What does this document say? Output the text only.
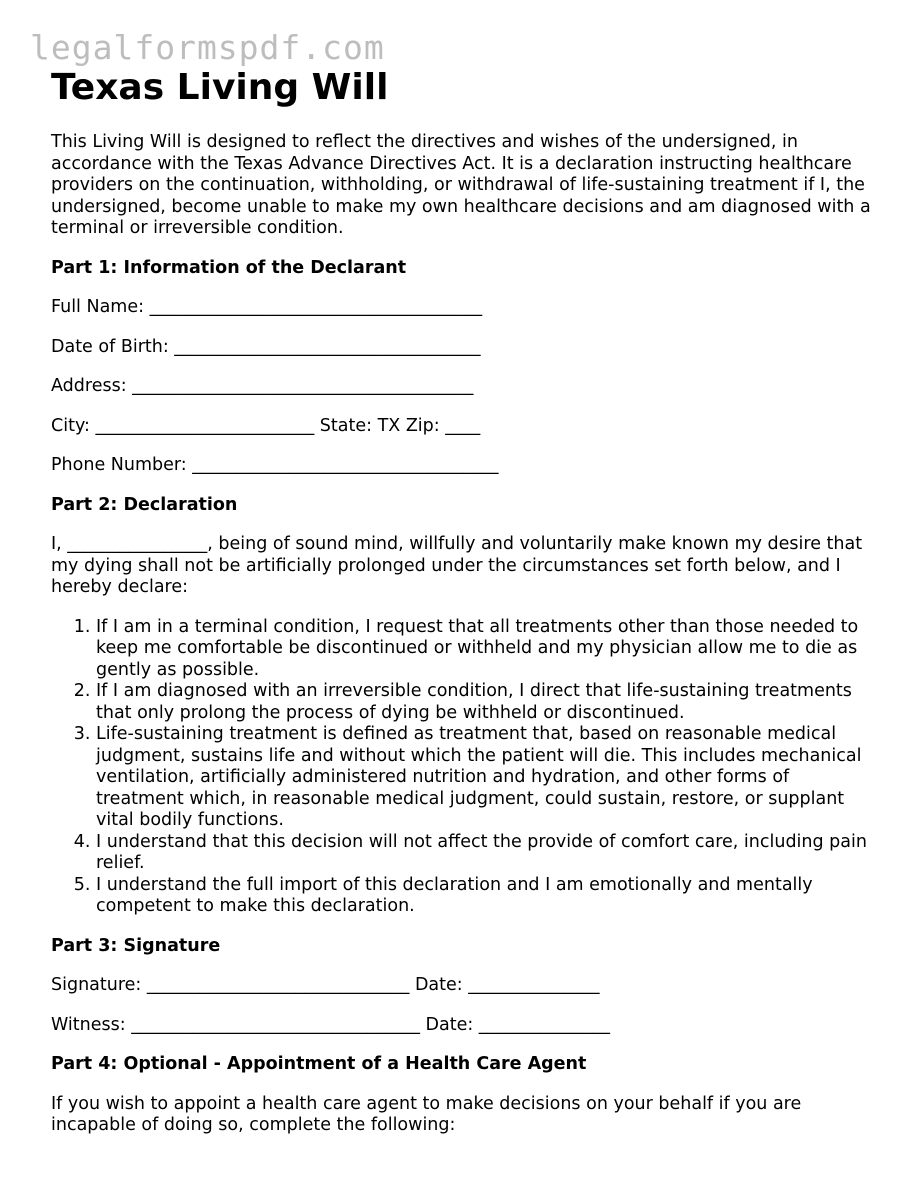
legalformspdf.com
Texas Living Will

This Living Will is designed to reflect the directives and wishes of the undersigned, in accordance with the Texas Advance Directives Act. It is a declaration instructing healthcare providers on the continuation, withholding, or withdrawal of life-sustaining treatment if I, the undersigned, become unable to make my own healthcare decisions and am diagnosed with a terminal or irreversible condition.

Part 1: Information of the Declarant

Full Name: ______________________________________

Date of Birth: ___________________________________

Address: _______________________________________

City: _________________________ State: TX Zip: ____

Phone Number: ___________________________________

Part 2: Declaration

I, ________________, being of sound mind, willfully and voluntarily make known my desire that my dying shall not be artificially prolonged under the circumstances set forth below, and I hereby declare:

1. If I am in a terminal condition, I request that all treatments other than those needed to keep me comfortable be discontinued or withheld and my physician allow me to die as gently as possible.
2. If I am diagnosed with an irreversible condition, I direct that life-sustaining treatments that only prolong the process of dying be withheld or discontinued.
3. Life-sustaining treatment is defined as treatment that, based on reasonable medical judgment, sustains life and without which the patient will die. This includes mechanical ventilation, artificially administered nutrition and hydration, and other forms of treatment which, in reasonable medical judgment, could sustain, restore, or supplant vital bodily functions.
4. I understand that this decision will not affect the provide of comfort care, including pain relief.
5. I understand the full import of this declaration and I am emotionally and mentally competent to make this declaration.
Part 3: Signature

Signature: ______________________________ Date: _______________

Witness: _________________________________ Date: _______________

Part 4: Optional - Appointment of a Health Care Agent

If you wish to appoint a health care agent to make decisions on your behalf if you are incapable of doing so, complete the following:
